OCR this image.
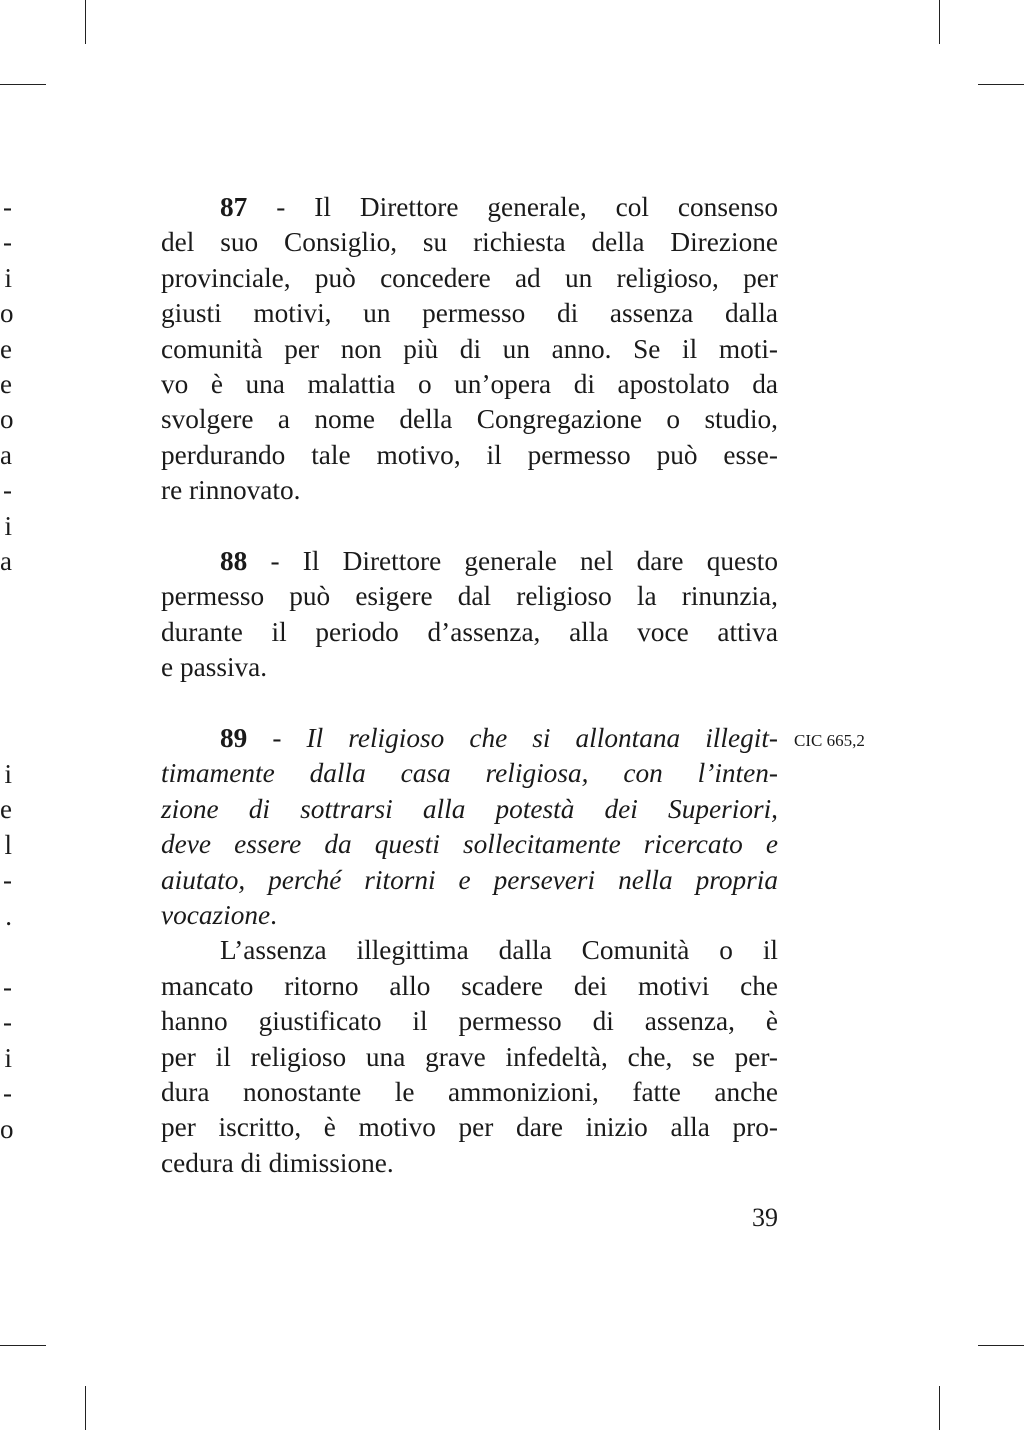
-
-
i
o
e
e
o
a
-
i
a
i
e
l
-
.
-
-
i
-
o
87 - Il Direttore generale, col consenso
del suo Consiglio, su richiesta della Direzione
provinciale, può concedere ad un religioso, per
giusti motivi, un permesso di assenza dalla
comunità per non più di un anno. Se il moti-
vo è una malattia o un’opera di apostolato da
svolgere a nome della Congregazione o studio,
perdurando tale motivo, il permesso può esse-
re rinnovato.
88 - Il Direttore generale nel dare questo
permesso può esigere dal religioso la rinunzia,
durante il periodo d’assenza, alla voce attiva
e passiva.
89 - Il religioso che si allontana illegit-
timamente dalla casa religiosa, con l’inten-
zione di sottrarsi alla potestà dei Superiori,
deve essere da questi sollecitamente ricercato e
aiutato, perché ritorni e perseveri nella propria
vocazione.
L’assenza illegittima dalla Comunità o il
mancato ritorno allo scadere dei motivi che
hanno giustificato il permesso di assenza, è
per il religioso una grave infedeltà, che, se per-
dura nonostante le ammonizioni, fatte anche
per iscritto, è motivo per dare inizio alla pro-
cedura di dimissione.
CIC 665,2
39
